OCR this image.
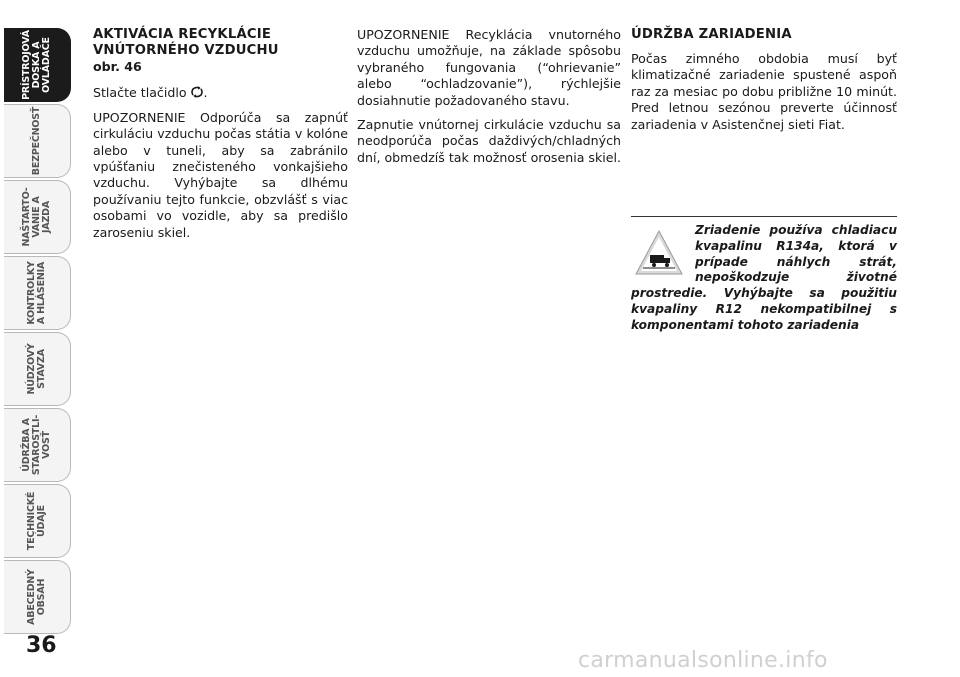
PRÍSTROJOVÁ
DOSKA A
OVLÁDAČE
BEZPEČNOSŤ
NAŠTARTO-
VANIE A
JAZDA
KONTROLKY
A HLÁSENIA
NÚDZOVÝ
STAVZA
ÚDRŽBA A
STAROSTLI-
VOSŤ
TECHNICKÉ
ÚDAJE
ABECEDNÝ
OBSAH
36
AKTIVÁCIA RECYKLÁCIE VNÚTORNÉHO VZDUCHU
obr. 46

Stlačte tlačidlo .

UPOZORNENIE Odporúča sa zapnúť cirkuláciu vzduchu počas státia v kolóne alebo v tuneli, aby sa zabránilo vpúšťaniu znečisteného vonkajšieho vzduchu. Vyhýbajte sa dlhému používaniu tejto funkcie, obzvlášť s viac osobami vo vozidle, aby sa predišlo zaroseniu skiel.

UPOZORNENIE Recyklácia vnutorného vzduchu umožňuje, na základe spôsobu vybraného fungovania (“ohrievanie” alebo “ochladzovanie”), rýchlejšie dosiahnutie požadovaného stavu.

Zapnutie vnútornej cirkulácie vzduchu sa neodporúča počas daždivých/chladných dní, obmedzíš tak možnosť orosenia skiel.

ÚDRŽBA ZARIADENIA

Počas zimného obdobia musí byť klimatizačné zariadenie spustené aspoň raz za mesiac po dobu približne 10 minút. Pred letnou sezónou preverte účinnosť zariadenia v Asistenčnej sieti Fiat.

Zriadenie používa chladiacu kvapalinu R134a, ktorá v prípade náhlych strát, nepoškodzuje životné prostredie. Vyhýbajte sa použitiu kvapaliny R12 nekompatibilnej s komponentami tohoto zariadenia

carmanualsonline.info
